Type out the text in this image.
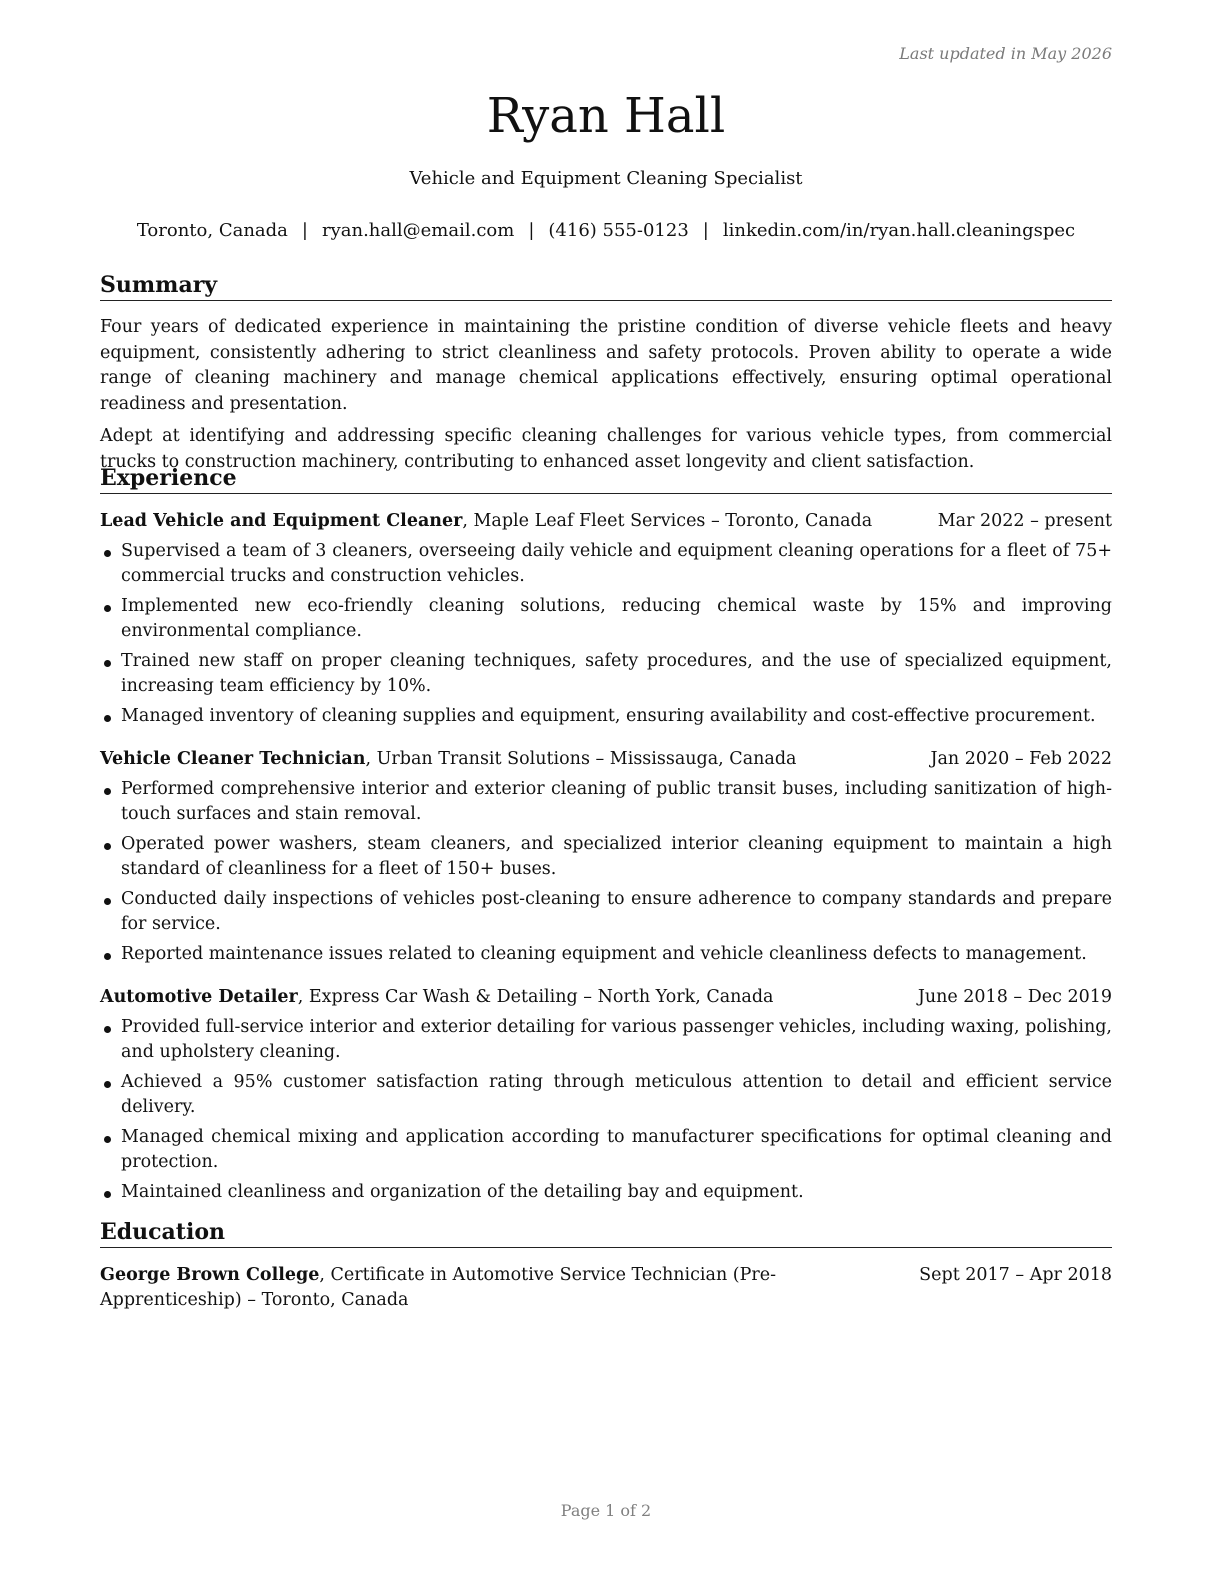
Last updated in May 2026
Ryan Hall
Vehicle and Equipment Cleaning Specialist
Toronto, Canada | ryan.hall@email.com | (416) 555-0123 | linkedin.com/in/ryan.hall.cleaningspec
Summary

Four years of dedicated experience in maintaining the pristine condition of diverse vehicle fleets and heavy equipment, consistently adhering to strict cleanliness and safety protocols. Proven ability to operate a wide range of cleaning machinery and manage chemical applications effectively, ensuring optimal operational readiness and presentation.

Adept at identifying and addressing specific cleaning challenges for various vehicle types, from commercial trucks to construction machinery, contributing to enhanced asset longevity and client satisfaction.

Experience
Lead Vehicle and Equipment Cleaner, Maple Leaf Fleet Services – Toronto, Canada	Mar 2022 – present
Supervised a team of 3 cleaners, overseeing daily vehicle and equipment cleaning operations for a fleet of 75+ commercial trucks and construction vehicles.
Implemented new eco-friendly cleaning solutions, reducing chemical waste by 15% and improving environmental compliance.
Trained new staff on proper cleaning techniques, safety procedures, and the use of specialized equipment, increasing team efficiency by 10%.
Managed inventory of cleaning supplies and equipment, ensuring availability and cost-effective procurement.
Vehicle Cleaner Technician, Urban Transit Solutions – Mississauga, Canada	Jan 2020 – Feb 2022
Performed comprehensive interior and exterior cleaning of public transit buses, including sanitization of high-touch surfaces and stain removal.
Operated power washers, steam cleaners, and specialized interior cleaning equipment to maintain a high standard of cleanliness for a fleet of 150+ buses.
Conducted daily inspections of vehicles post-cleaning to ensure adherence to company standards and prepare for service.
Reported maintenance issues related to cleaning equipment and vehicle cleanliness defects to management.
Automotive Detailer, Express Car Wash & Detailing – North York, Canada	June 2018 – Dec 2019
Provided full-service interior and exterior detailing for various passenger vehicles, including waxing, polishing, and upholstery cleaning.
Achieved a 95% customer satisfaction rating through meticulous attention to detail and efficient service delivery.
Managed chemical mixing and application according to manufacturer specifications for optimal cleaning and protection.
Maintained cleanliness and organization of the detailing bay and equipment.
Education
George Brown College, Certificate in Automotive Service Technician (Pre-Apprenticeship) – Toronto, Canada
Sept 2017 – Apr 2018
Page 1 of 2
